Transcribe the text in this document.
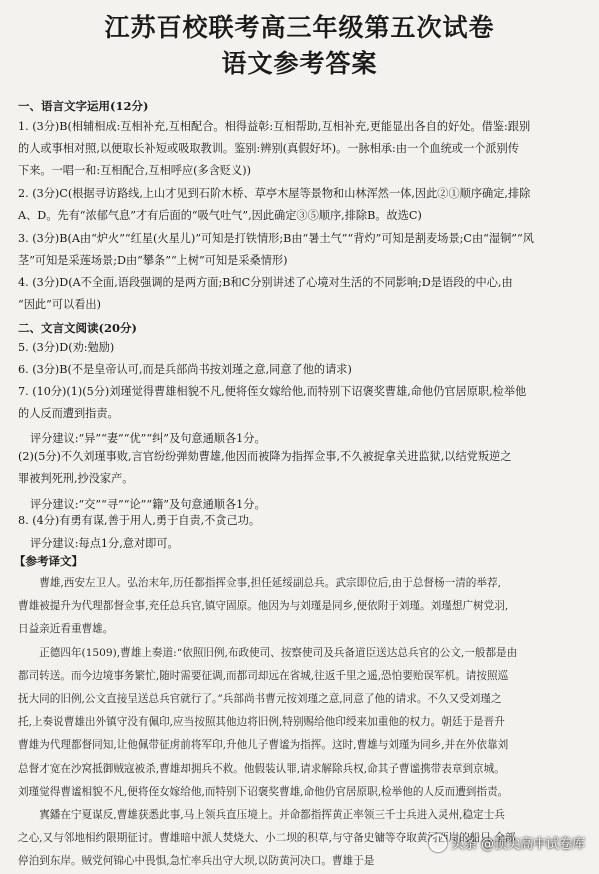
江苏百校联考高三年级第五次试卷
语文参考答案
一、语言文字运用(12分)
1. (3分)B(相辅相成:互相补充,互相配合。相得益彰:互相帮助,互相补充,更能显出各自的好处。借鉴:跟别
的人或事相对照,以便取长补短或吸取教训。鉴别:辨别(真假好坏)。一脉相承:由一个血统或一个派别传
下来。一唱一和:互相配合,互相呼应(多含贬义))
2. (3分)C(根据寻访路线,上山才见到石阶木桥、草亭木屋等景物和山林浑然一体,因此②①顺序确定,排除
A、D。先有“浓郁气息”才有后面的“吸气吐气”,因此确定③⑤顺序,排除B。故选C)
3. (3分)B(A由“炉火”“红星(火星儿)”可知是打铁情形;B由“暑土气”“背灼”可知是割麦场景;C由“湿铜”“风
茎”可知是采莲场景;D由“攀条”“上树”可知是采桑情形)
4. (3分)D(A不全面,语段强调的是两方面;B和C分别讲述了心境对生活的不同影响;D是语段的中心,由
“因此”可以看出)
二、文言文阅读(20分)
5. (3分)D(劝:勉励)
6. (3分)B(不是皇帝认可,而是兵部尚书按刘瑾之意,同意了他的请求)
7. (10分)(1)(5分)刘瑾觉得曹雄相貌不凡,便将侄女嫁给他,而特别下诏褒奖曹雄,命他仍官居原职,检举他
的人反而遭到指责。
评分建议:“异”“妻”“优”“纠”及句意通顺各1分。
(2)(5分)不久刘瑾事败,言官纷纷弹劾曹雄,他因而被降为指挥佥事,不久被捉拿关进监狱,以结党叛逆之
罪被判死刑,抄没家产。
评分建议:“交”“寻”“论”“籍”及句意通顺各1分。
8. (4分)有勇有谋,善于用人,勇于自责,不贪己功。
评分建议:每点1分,意对即可。
【参考译文】
曹雄,西安左卫人。弘治末年,历任都指挥佥事,担任延绥副总兵。武宗即位后,由于总督杨一清的举荐,
曹雄被提升为代理都督佥事,充任总兵官,镇守固原。他因为与刘瑾是同乡,便依附于刘瑾。刘瑾想广树党羽,
日益亲近看重曹雄。
正德四年(1509),曹雄上奏道:“依照旧例,布政使司、按察使司及兵备道臣送达总兵官的公文,一般都是由
都司转送。而今边境事务繁忙,随时需要征调,而都司却远在省城,往返千里之遥,恐怕要贻误军机。请按照巡
抚大同的旧例,公文直接呈送总兵官就行了。”兵部尚书曹元按刘瑾之意,同意了他的请求。不久又受刘瑾之
托,上奏说曹雄出外镇守没有佩印,应当按照其他边将旧例,特别赐给他印绶来加重他的权力。朝廷于是晋升
曹雄为代理都督同知,让他佩带征虏前将军印,升他儿子曹谧为指挥。这时,曹雄与刘瑾为同乡,并在外依靠刘
总督才宽在沙窝抵御贼寇被杀,曹雄却拥兵不救。他假装认罪,请求解除兵权,命其子曹谧携带表章到京城。
刘瑾觉得曹谧相貌不凡,便将侄女嫁给他,而特别下诏褒奖曹雄,命他仍官居原职,检举他的人反而遭到指责。
寘鐇在宁夏谋反,曹雄获悉此事,马上领兵直压境上。并命都指挥黄正率领三千士兵进入灵州,稳定士兵
之心,又与邻地相约限期征讨。曹雄暗中派人焚烧大、小二坝的积草,与守备史镛等夺取黄河西岸的船只,全部
停泊到东岸。贼党何锦心中畏惧,急忙率兵出守大坝,以防黄河决口。曹雄于是
头条 @顶尖高中试卷库
